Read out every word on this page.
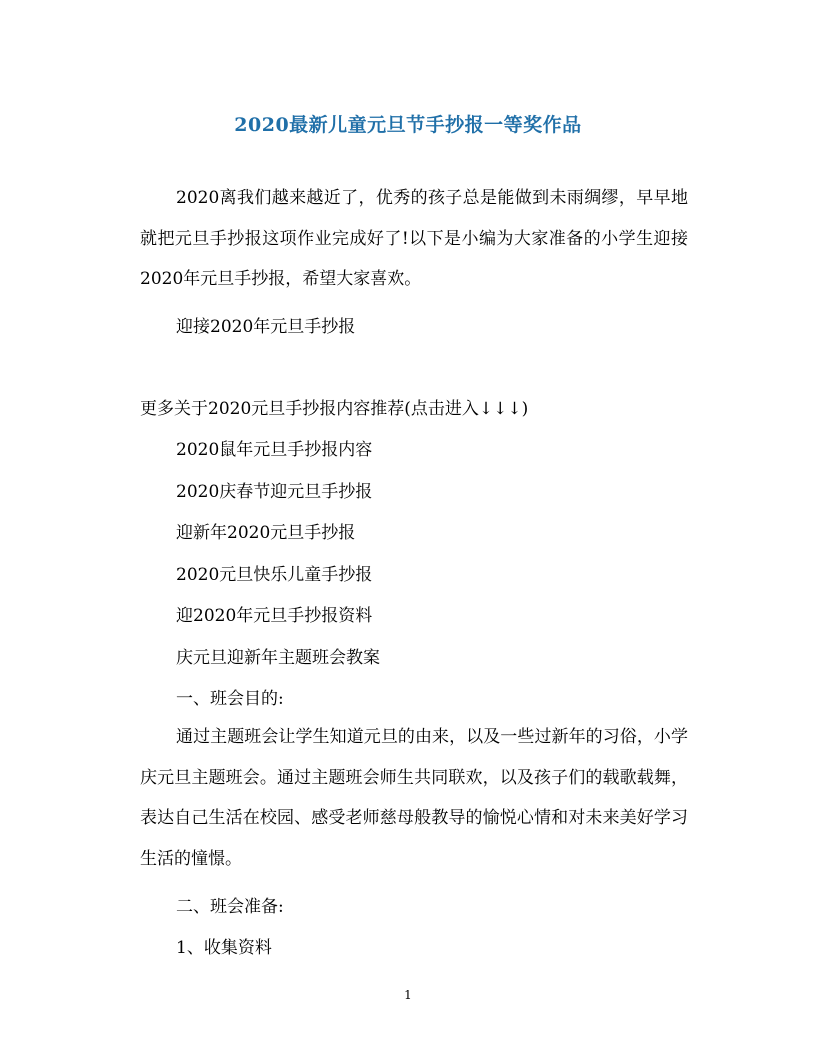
2020最新儿童元旦节手抄报一等奖作品
2020离我们越来越近了，优秀的孩子总是能做到未雨绸缪，早早地就把元旦手抄报这项作业完成好了!以下是小编为大家准备的小学生迎接2020年元旦手抄报，希望大家喜欢。
迎接2020年元旦手抄报
更多关于2020元旦手抄报内容推荐(点击进入↓↓↓)
2020鼠年元旦手抄报内容
2020庆春节迎元旦手抄报
迎新年2020元旦手抄报
2020元旦快乐儿童手抄报
迎2020年元旦手抄报资料
庆元旦迎新年主题班会教案
一、班会目的:
通过主题班会让学生知道元旦的由来，以及一些过新年的习俗，小学庆元旦主题班会。通过主题班会师生共同联欢，以及孩子们的载歌载舞，表达自己生活在校园、感受老师慈母般教导的愉悦心情和对未来美好学习生活的憧憬。
二、班会准备:
1、收集资料
1
